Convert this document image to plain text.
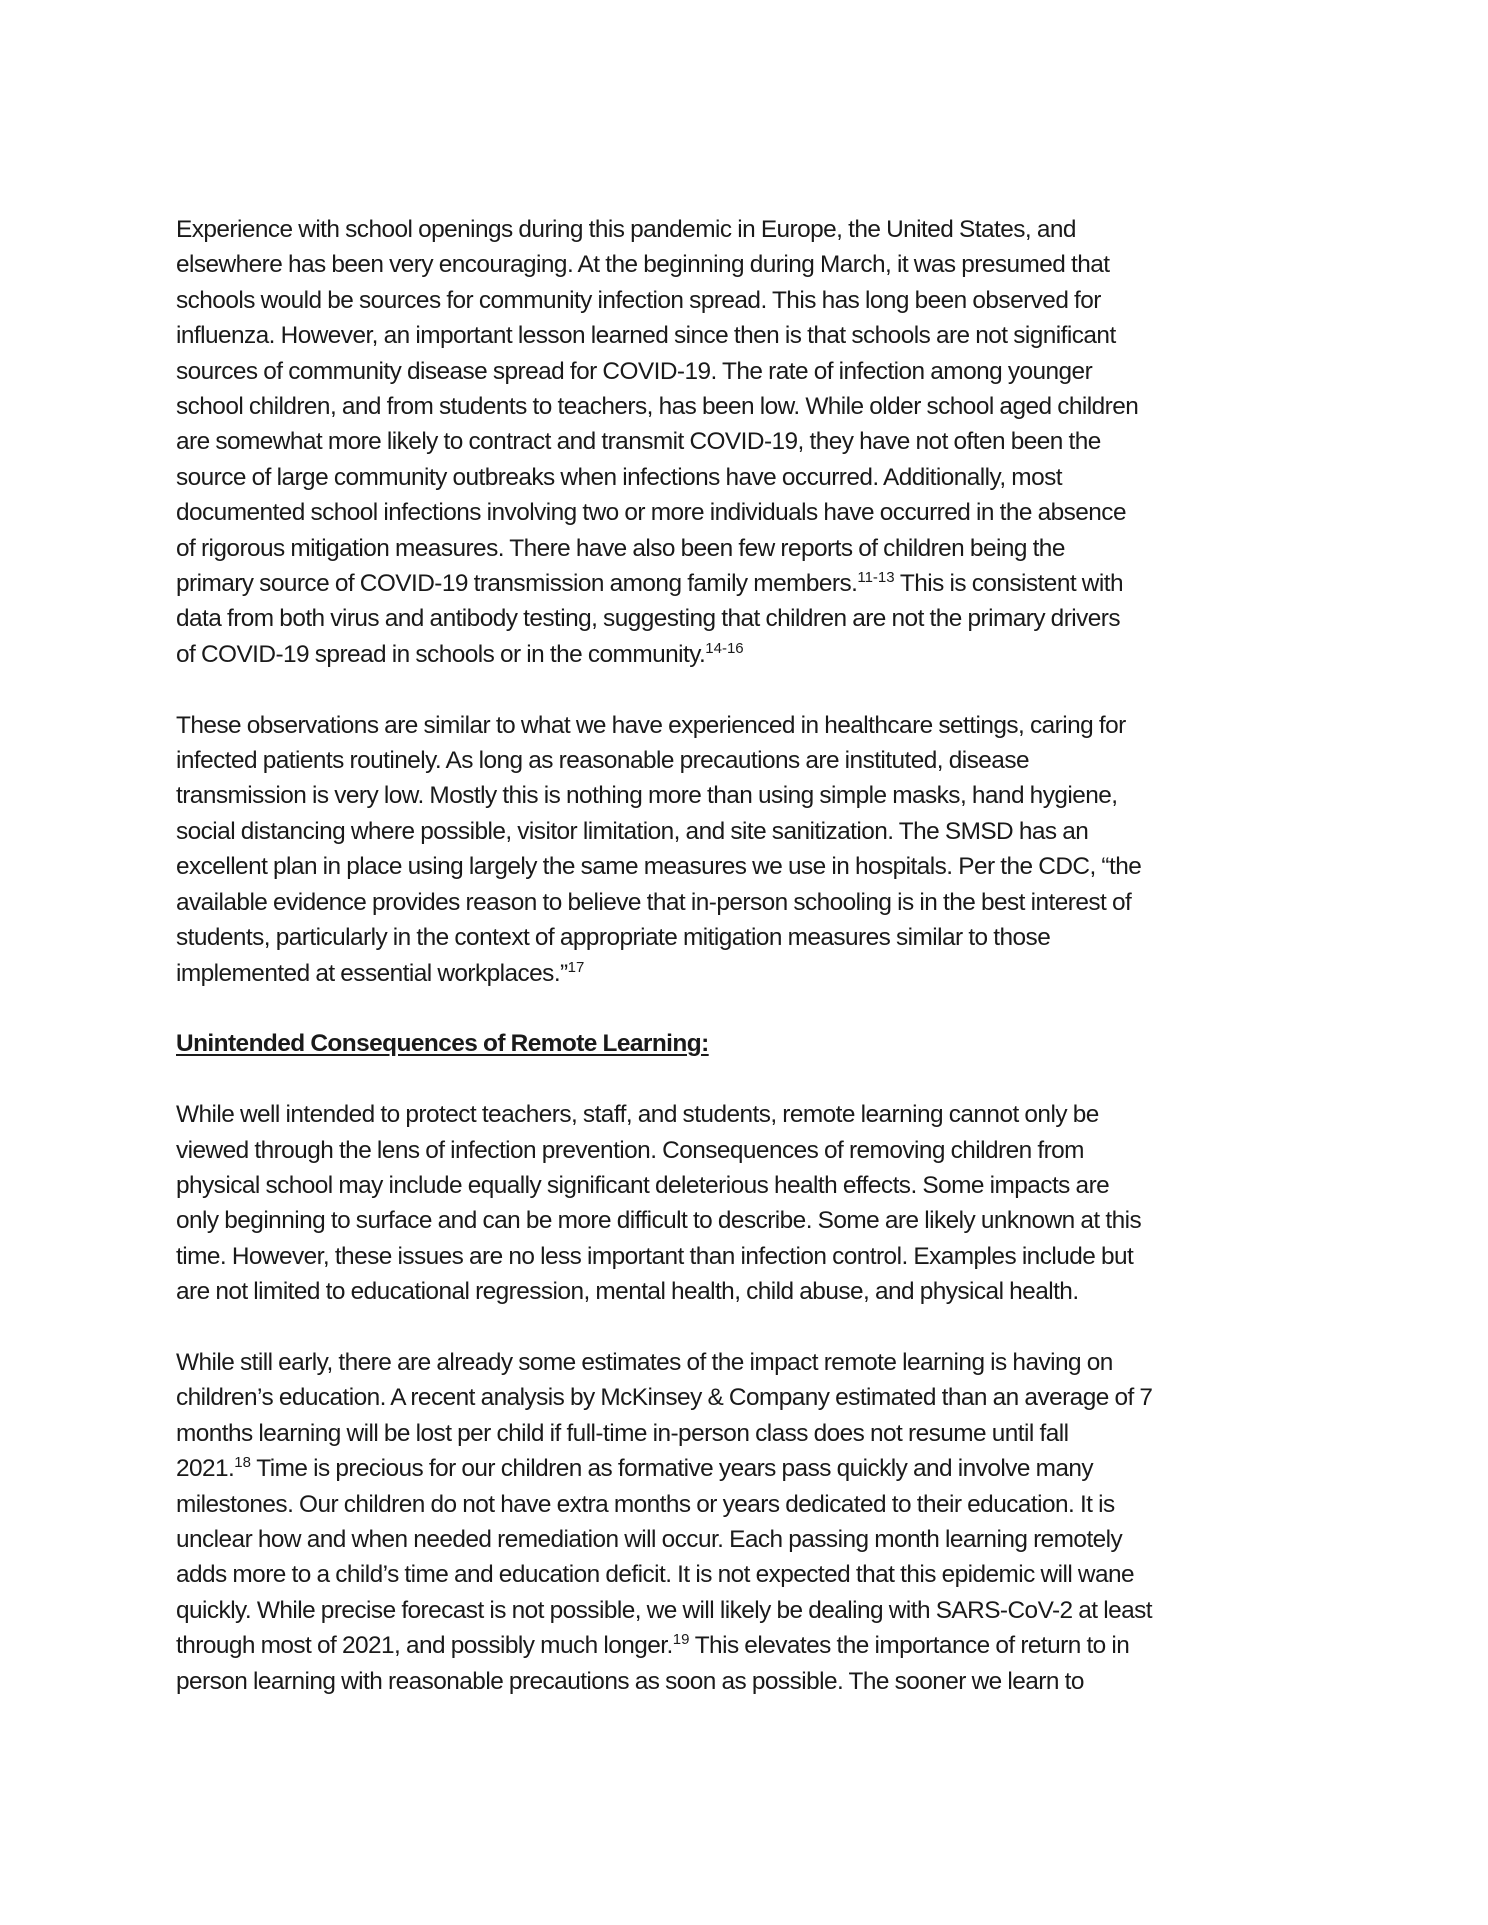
Experience with school openings during this pandemic in Europe, the United States, and
elsewhere has been very encouraging. At the beginning during March, it was presumed that
schools would be sources for community infection spread. This has long been observed for
influenza. However, an important lesson learned since then is that schools are not significant
sources of community disease spread for COVID-19. The rate of infection among younger
school children, and from students to teachers, has been low. While older school aged children
are somewhat more likely to contract and transmit COVID-19, they have not often been the
source of large community outbreaks when infections have occurred. Additionally, most
documented school infections involving two or more individuals have occurred in the absence
of rigorous mitigation measures. There have also been few reports of children being the
primary source of COVID-19 transmission among family members.$^{11-13}$ This is consistent with
data from both virus and antibody testing, suggesting that children are not the primary drivers
of COVID-19 spread in schools or in the community.$^{14-16}$

These observations are similar to what we have experienced in healthcare settings, caring for
infected patients routinely. As long as reasonable precautions are instituted, disease
transmission is very low. Mostly this is nothing more than using simple masks, hand hygiene,
social distancing where possible, visitor limitation, and site sanitization. The SMSD has an
excellent plan in place using largely the same measures we use in hospitals. Per the CDC, “the
available evidence provides reason to believe that in-person schooling is in the best interest of
students, particularly in the context of appropriate mitigation measures similar to those
implemented at essential workplaces.”$^{17}$

Unintended Consequences of Remote Learning:

While well intended to protect teachers, staff, and students, remote learning cannot only be
viewed through the lens of infection prevention. Consequences of removing children from
physical school may include equally significant deleterious health effects. Some impacts are
only beginning to surface and can be more difficult to describe. Some are likely unknown at this
time. However, these issues are no less important than infection control. Examples include but
are not limited to educational regression, mental health, child abuse, and physical health.

While still early, there are already some estimates of the impact remote learning is having on
children’s education. A recent analysis by McKinsey & Company estimated than an average of 7
months learning will be lost per child if full-time in-person class does not resume until fall
2021.18 Time is precious for our children as formative years pass quickly and involve many
milestones. Our children do not have extra months or years dedicated to their education. It is
unclear how and when needed remediation will occur. Each passing month learning remotely
adds more to a child’s time and education deficit. It is not expected that this epidemic will wane
quickly. While precise forecast is not possible, we will likely be dealing with SARS-CoV-2 at least
through most of 2021, and possibly much longer.$^{19}$ This elevates the importance of return to in
person learning with reasonable precautions as soon as possible. The sooner we learn to
